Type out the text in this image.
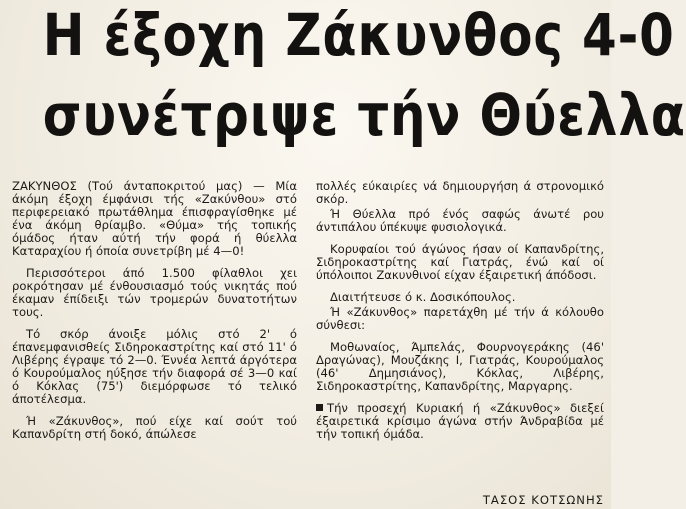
Η έξοχη Ζάκυνθος 4-0
συνέτριψε τήν Θύελλα

ΖΑΚΥΝΘΟΣ (Τού άνταποκριτού μας) — Μία άκόμη έξοχη έμφάνισι τής «Ζακύνθου» στό περιφερειακό πρωτάθλημα έπισφραγίσθηκε μέ ένα άκόμη θρίαμβο. «Θύμα» τής τοπικής όμάδος ήταν αύτή τήν φορά ή θύελλα Καταραχίου ή όποία συνετρίβη μέ 4—0!

Περισσότεροι άπό 1.500 φίλαθλοι χει ροκρότησαν μέ ένθουσιασμό τούς νικητάς πού έκαμαν έπίδειξι τών τρομερών δυνατοτήτων τους.

Τό σκόρ άνοιξε μόλις στό 2' ό έπανεμφανισθείς Σιδηροκαστρίτης καί στό 11' ό Λιβέρης έγραψε τό 2—0. Έννέα λεπτά άργότερα ό Κουρούμαλος ηύξησε τήν διαφορά σέ 3—0 καί ό Κόκλας (75') διεμόρφωσε τό τελικό άποτέλεσμα.

Ή «Ζάκυνθος», πού είχε καί σούτ τού Καπανδρίτη στή δοκό, άπώλεσε

πολλές εύκαιρίες νά δημιουργήση ά στρονομικό σκόρ.

Ή Θύελλα πρό ένός σαφώς άνωτέ ρου άντιπάλου ύπέκυψε φυσιολογικά.

Κορυφαίοι τού άγώνος ήσαν οί Καπανδρίτης, Σιδηροκαστρίτης καί Γιατράς, ένώ καί οί ύπόλοιποι Ζακυνθινοί είχαν έξαιρετική άπόδοσι.

Διαιτήτευσε ό κ. Δοσικόπουλος.

Ή «Ζάκυνθος» παρετάχθη μέ τήν ά κόλουθο σύνθεσι:

Μοθωναίος, Άμπελάς, Φουρνογεράκης (46' Δραγώνας), Μουζάκης Ι, Γιατράς, Κουρούμαλος (46' Δημησιάνος), Κόκλας, Λιβέρης, Σιδηροκαστρίτης, Καπανδρίτης, Μαργαρης.

Τήν προσεχή Κυριακή ή «Ζάκυνθος» διεξεί έξαιρετικά κρίσιμο άγώνα στήν Άνδραβίδα μέ τήν τοπική όμάδα.

ΤΑΣΟΣ ΚΟΤΣΩΝΗΣ
